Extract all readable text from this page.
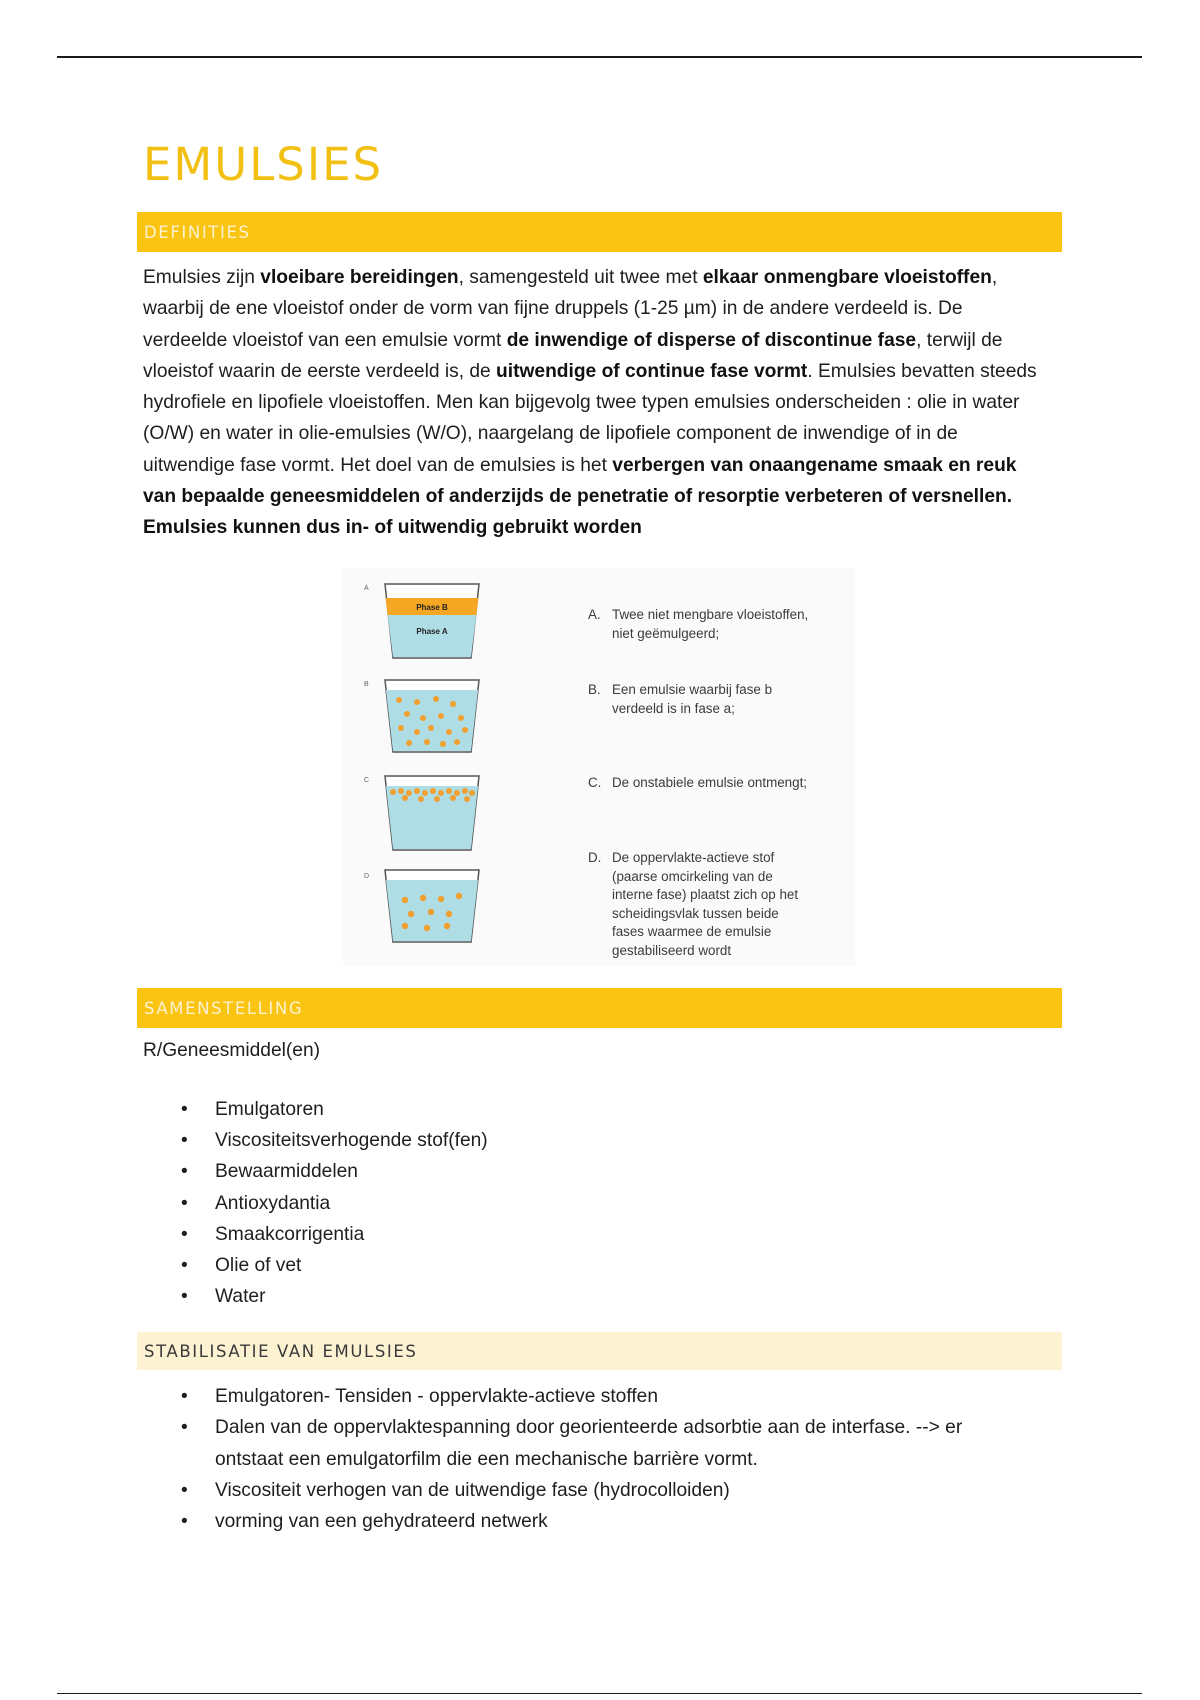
EMULSIES
DEFINITIES
Emulsies zijn vloeibare bereidingen, samengesteld uit twee met elkaar onmengbare vloeistoffen, waarbij de ene vloeistof onder de vorm van fijne druppels (1-25 µm) in de andere verdeeld is. De verdeelde vloeistof van een emulsie vormt de inwendige of disperse of discontinue fase, terwijl de vloeistof waarin de eerste verdeeld is, de uitwendige of continue fase vormt. Emulsies bevatten steeds hydrofiele en lipofiele vloeistoffen. Men kan bijgevolg twee typen emulsies onderscheiden : olie in water (O/W) en water in olie-emulsies (W/O), naargelang de lipofiele component de inwendige of in de uitwendige fase vormt. Het doel van de emulsies is het verbergen van onaangename smaak en reuk van bepaalde geneesmiddelen of anderzijds de penetratie of resorptie verbeteren of versnellen. Emulsies kunnen dus in- of uitwendig gebruikt worden
Phase B
Phase A
A
B
C
D
A. Twee niet mengbare vloeistoffen,
niet geëmulgeerd;
B. Een emulsie waarbij fase b
verdeeld is in fase a;
C. De onstabiele emulsie ontmengt;
D. De oppervlakte-actieve stof
(paarse omcirkeling van de
interne fase) plaatst zich op het
scheidingsvlak tussen beide
fases waarmee de emulsie
gestabiliseerd wordt
SAMENSTELLING
R/Geneesmiddel(en)
• Emulgatoren
• Viscositeitsverhogende stof(fen)
• Bewaarmiddelen
• Antioxydantia
• Smaakcorrigentia
• Olie of vet
• Water
STABILISATIE VAN EMULSIES
• Emulgatoren- Tensiden - oppervlakte-actieve stoffen
• Dalen van de oppervlaktespanning door georienteerde adsorbtie aan de interfase. --> er ontstaat een emulgatorfilm die een mechanische barrière vormt.
• Viscositeit verhogen van de uitwendige fase (hydrocolloiden)
• vorming van een gehydrateerd netwerk
